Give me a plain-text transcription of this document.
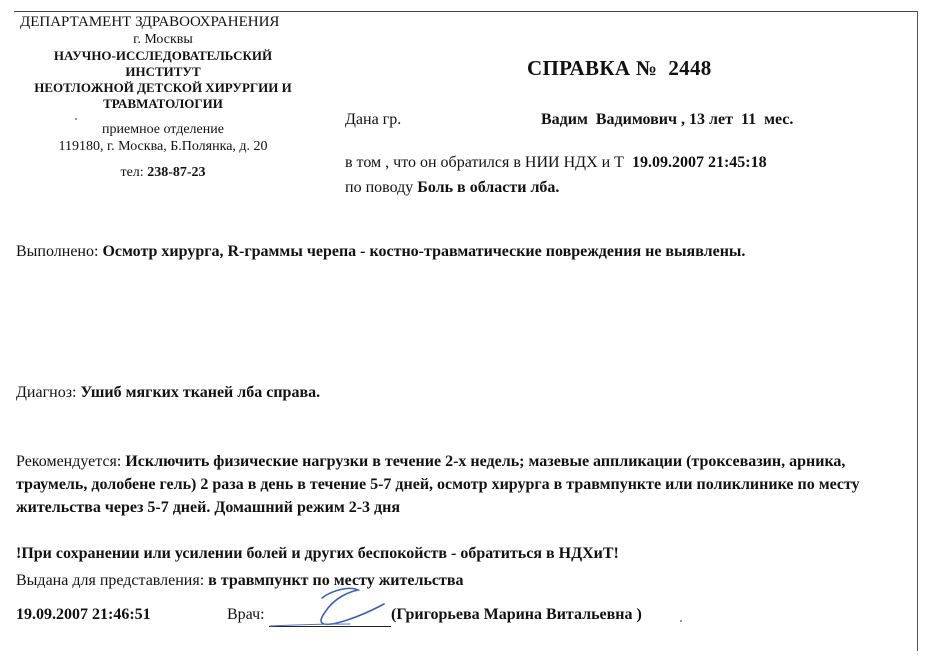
ДЕПАРТАМЕНТ ЗДРАВООХРАНЕНИЯ
г. Москвы
НАУЧНО-ИССЛЕДОВАТЕЛЬСКИЙ
ИНСТИТУТ
НЕОТЛОЖНОЙ ДЕТСКОЙ ХИРУРГИИ И
ТРАВМАТОЛОГИИ
приемное отделение
119180, г. Москва, Б.Полянка, д. 20
тел: 238-87-23
СПРАВКА №  2448
Дана гр.	Вадим  Вадимович , 13 лет  11  мес.
в том , что он обратился в НИИ НДХ и Т 19.09.2007 21:45:18
по поводу Боль в области лба.
Выполнено: Осмотр хирурга, R-граммы черепа - костно-травматические повреждения не выявлены.
Диагноз: Ушиб мягких тканей лба справа.
Рекомендуется: Исключить физические нагрузки в течение 2-х недель; мазевые аппликации (троксевазин, арника, траумель, долобене гель) 2 раза в день в течение 5-7 дней, осмотр хирурга в травмпункте или поликлинике по месту жительства через 5-7 дней. Домашний режим 2-3 дня
!При сохранении или усилении болей и других беспокойств - обратиться в НДХиТ!
Выдана для представления: в травмпункт по месту жительства
19.09.2007 21:46:51	Врач:	(Григорьева Марина Витальевна )
